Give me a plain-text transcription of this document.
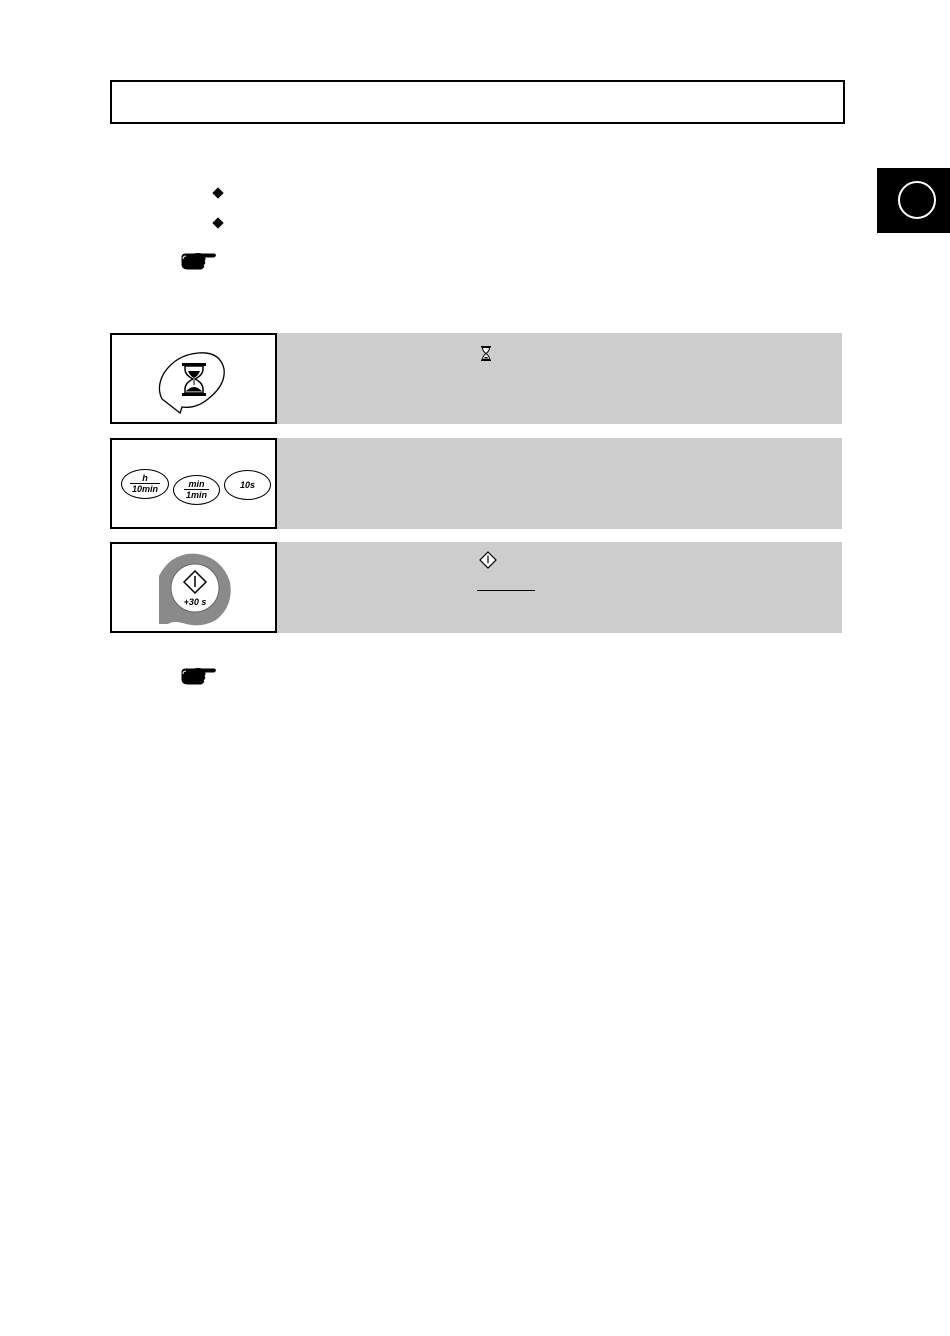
$\frac{h}{10\min}$	$\frac{\min}{1\min}$	10s
+30 s
